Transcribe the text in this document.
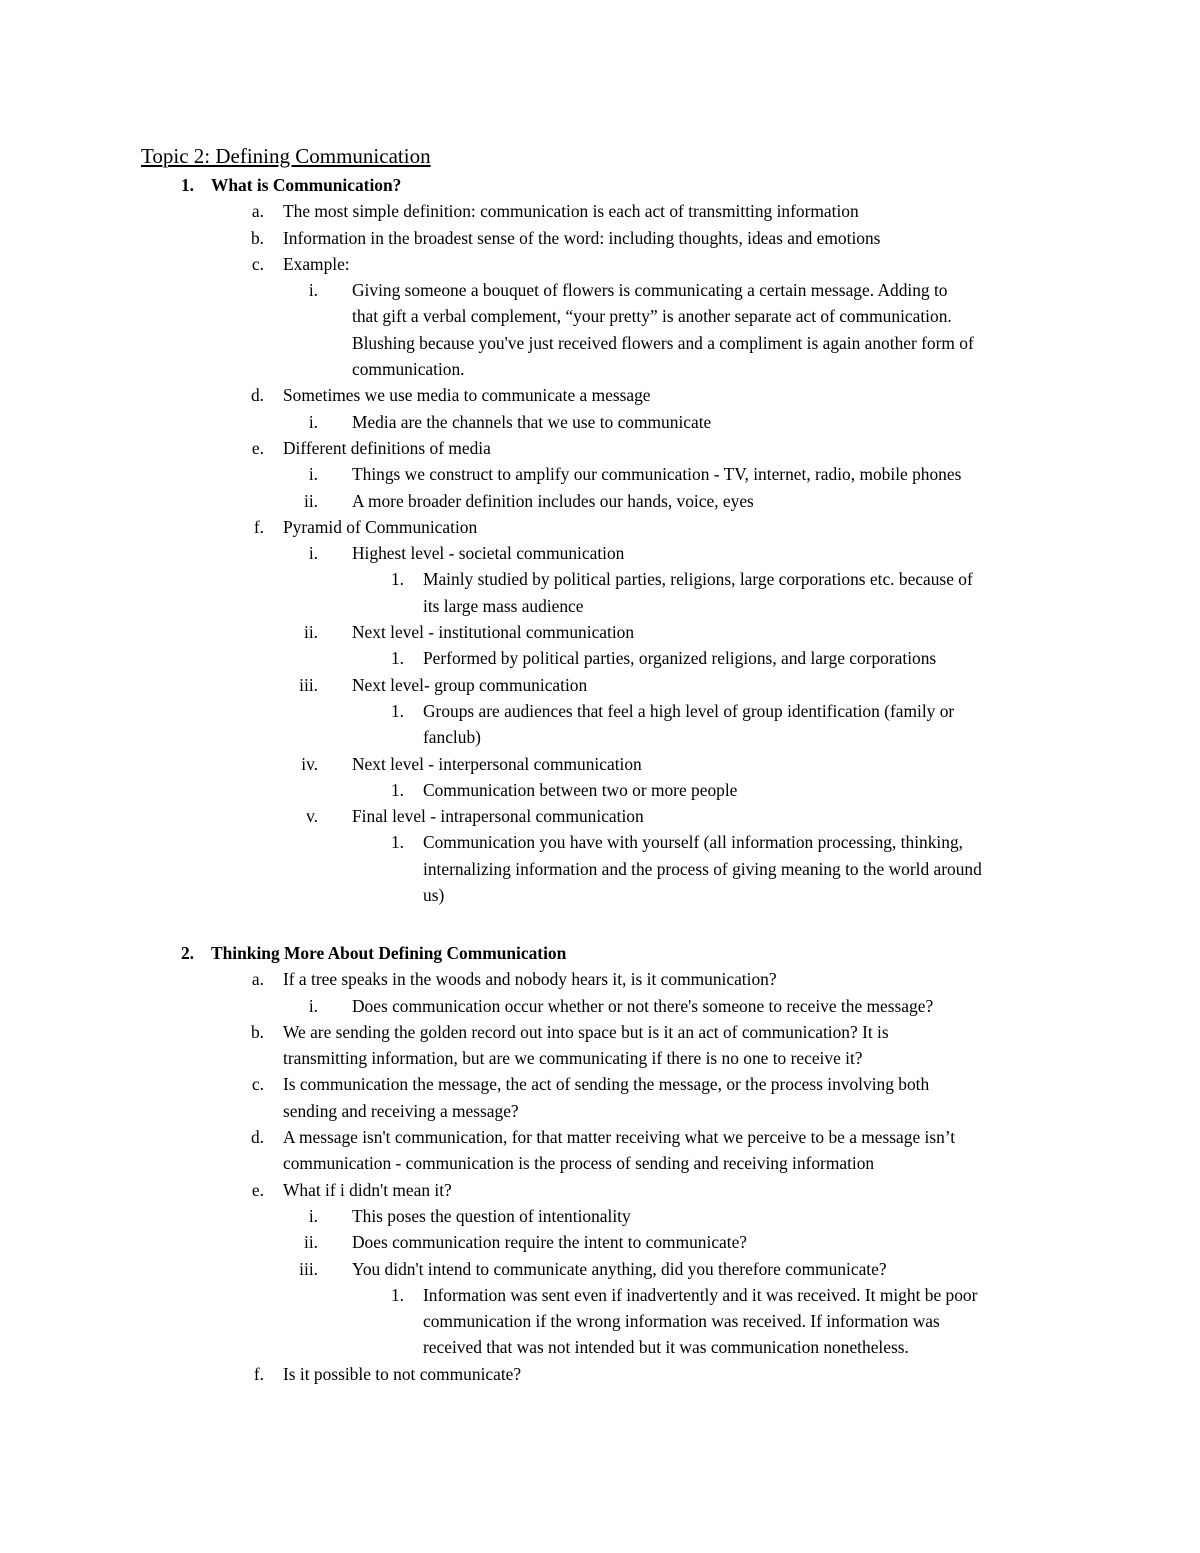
Topic 2: Defining Communication
1. What is Communication?
a. The most simple definition: communication is each act of transmitting information
b. Information in the broadest sense of the word: including thoughts, ideas and emotions
c. Example:
i. Giving someone a bouquet of flowers is communicating a certain message. Adding to
that gift a verbal complement, “your pretty” is another separate act of communication.
Blushing because you've just received flowers and a compliment is again another form of
communication.
d. Sometimes we use media to communicate a message
i. Media are the channels that we use to communicate
e. Different definitions of media
i. Things we construct to amplify our communication - TV, internet, radio, mobile phones
ii. A more broader definition includes our hands, voice, eyes
f. Pyramid of Communication
i. Highest level - societal communication
1. Mainly studied by political parties, religions, large corporations etc. because of
its large mass audience
ii. Next level - institutional communication
1. Performed by political parties, organized religions, and large corporations
iii. Next level- group communication
1. Groups are audiences that feel a high level of group identification (family or
fanclub)
iv. Next level - interpersonal communication
1. Communication between two or more people
v. Final level - intrapersonal communication
1. Communication you have with yourself (all information processing, thinking,
internalizing information and the process of giving meaning to the world around
us)
2. Thinking More About Defining Communication
a. If a tree speaks in the woods and nobody hears it, is it communication?
i. Does communication occur whether or not there's someone to receive the message?
b. We are sending the golden record out into space but is it an act of communication? It is
transmitting information, but are we communicating if there is no one to receive it?
c. Is communication the message, the act of sending the message, or the process involving both
sending and receiving a message?
d. A message isn't communication, for that matter receiving what we perceive to be a message isn’t
communication - communication is the process of sending and receiving information
e. What if i didn't mean it?
i. This poses the question of intentionality
ii. Does communication require the intent to communicate?
iii. You didn't intend to communicate anything, did you therefore communicate?
1. Information was sent even if inadvertently and it was received. It might be poor
communication if the wrong information was received. If information was
received that was not intended but it was communication nonetheless.
f. Is it possible to not communicate?
